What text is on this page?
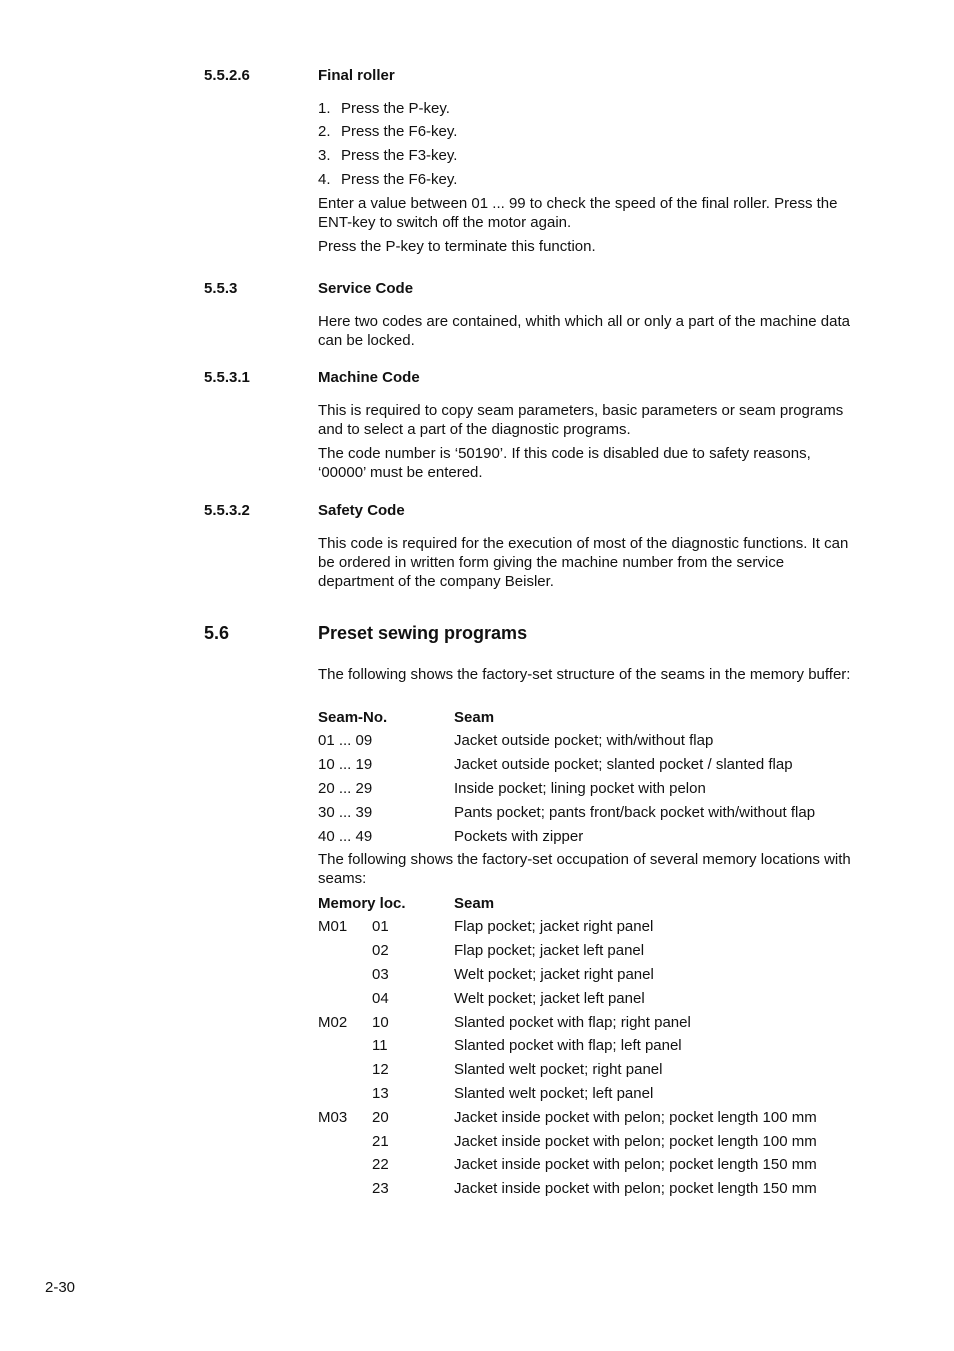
5.5.2.6	Final roller
1. Press the P-key.
2. Press the F6-key.
3. Press the F3-key.
4. Press the F6-key.
Enter a value between 01 ... 99 to check the speed of the final roller. Press the ENT-key to switch off the motor again.
Press the P-key to terminate this function.
5.5.3	Service Code
Here two codes are contained, whith which all or only a part of the machine data can be locked.
5.5.3.1	Machine Code
This is required to copy seam parameters, basic parameters or seam programs and to select a part of the diagnostic programs.
The code number is ‘50190’. If this code is disabled due to safety reasons, ‘00000’ must be entered.
5.5.3.2	Safety Code
This code is required for the execution of most of the diagnostic functions. It can be ordered in written form giving the machine number from the service department of the company Beisler.
5.6	Preset sewing programs
The following shows the factory-set structure of the seams in the memory buffer:
Seam-No.	Seam
01 ... 09	Jacket outside pocket; with/without flap
10 ... 19	Jacket outside pocket; slanted pocket / slanted flap
20 ... 29	Inside pocket; lining pocket with pelon
30 ... 39	Pants pocket; pants front/back pocket with/without flap
40 ... 49	Pockets with zipper
The following shows the factory-set occupation of several memory locations with seams:
Memory loc.	Seam
M01 01	Flap pocket; jacket right panel
02	Flap pocket; jacket left panel
03	Welt pocket; jacket right panel
04	Welt pocket; jacket left panel
M02 10	Slanted pocket with flap; right panel
11	Slanted pocket with flap; left panel
12	Slanted welt pocket; right panel
13	Slanted welt pocket; left panel
M03 20	Jacket inside pocket with pelon; pocket length 100 mm
21	Jacket inside pocket with pelon; pocket length 100 mm
22	Jacket inside pocket with pelon; pocket length 150 mm
23	Jacket inside pocket with pelon; pocket length 150 mm
2-30
